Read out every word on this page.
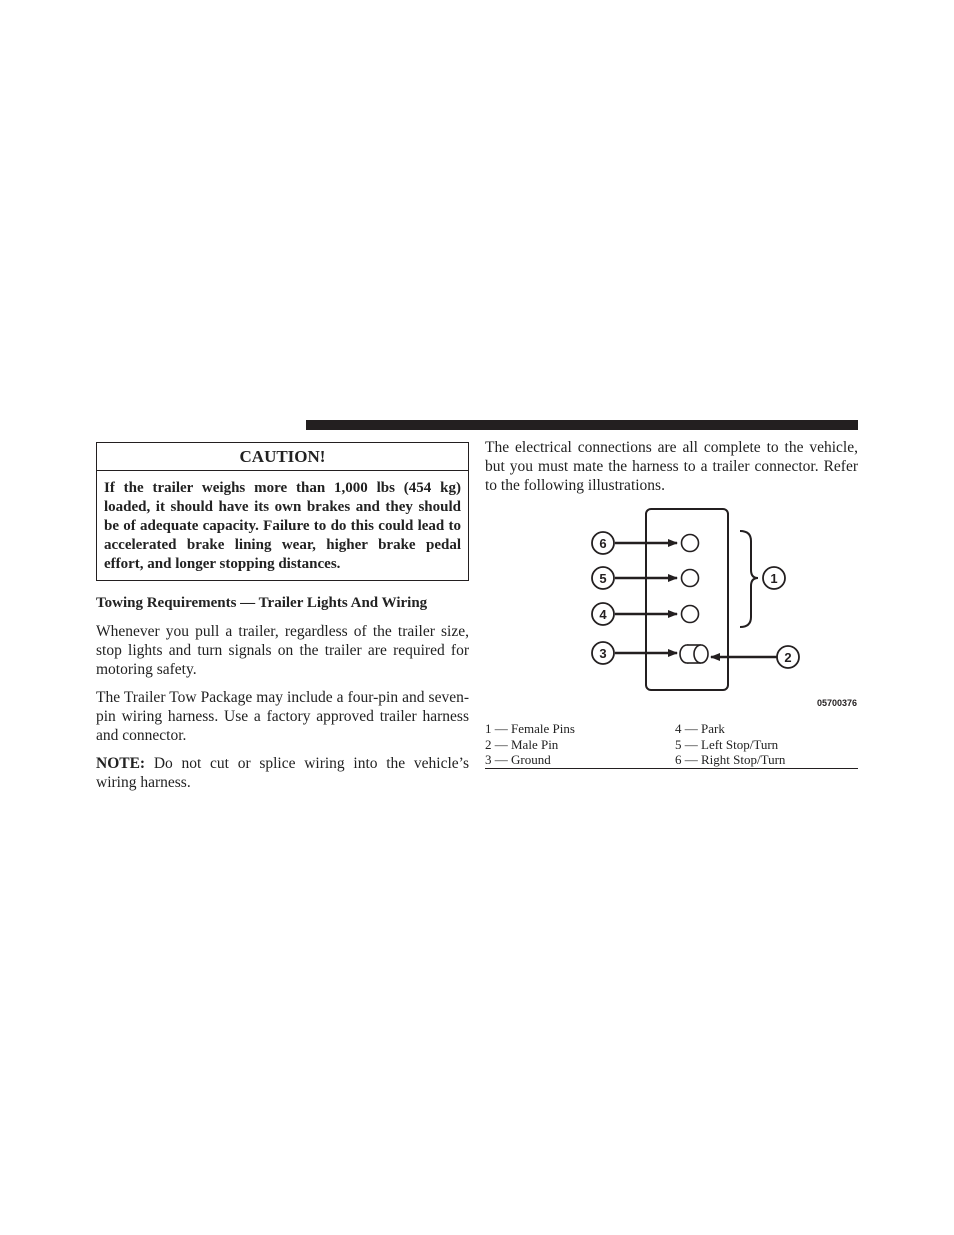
CAUTION!
If the trailer weighs more than 1,000 lbs (454 kg) loaded, it should have its own brakes and they should be of adequate capacity. Failure to do this could lead to accelerated brake lining wear, higher brake pedal effort, and longer stopping distances.
Towing Requirements — Trailer Lights And Wiring
Whenever you pull a trailer, regardless of the trailer size, stop lights and turn signals on the trailer are required for motoring safety.
The Trailer Tow Package may include a four-pin and seven-pin wiring harness. Use a factory approved trailer harness and connector.
NOTE: Do not cut or splice wiring into the vehicle’s wiring harness.
The electrical connections are all complete to the vehicle, but you must mate the harness to a trailer connector. Refer to the following illustrations.
6
5
4
3
1
2
05700376
1 — Female Pins
2 — Male Pin
3 — Ground
4 — Park
5 — Left Stop/Turn
6 — Right Stop/Turn
